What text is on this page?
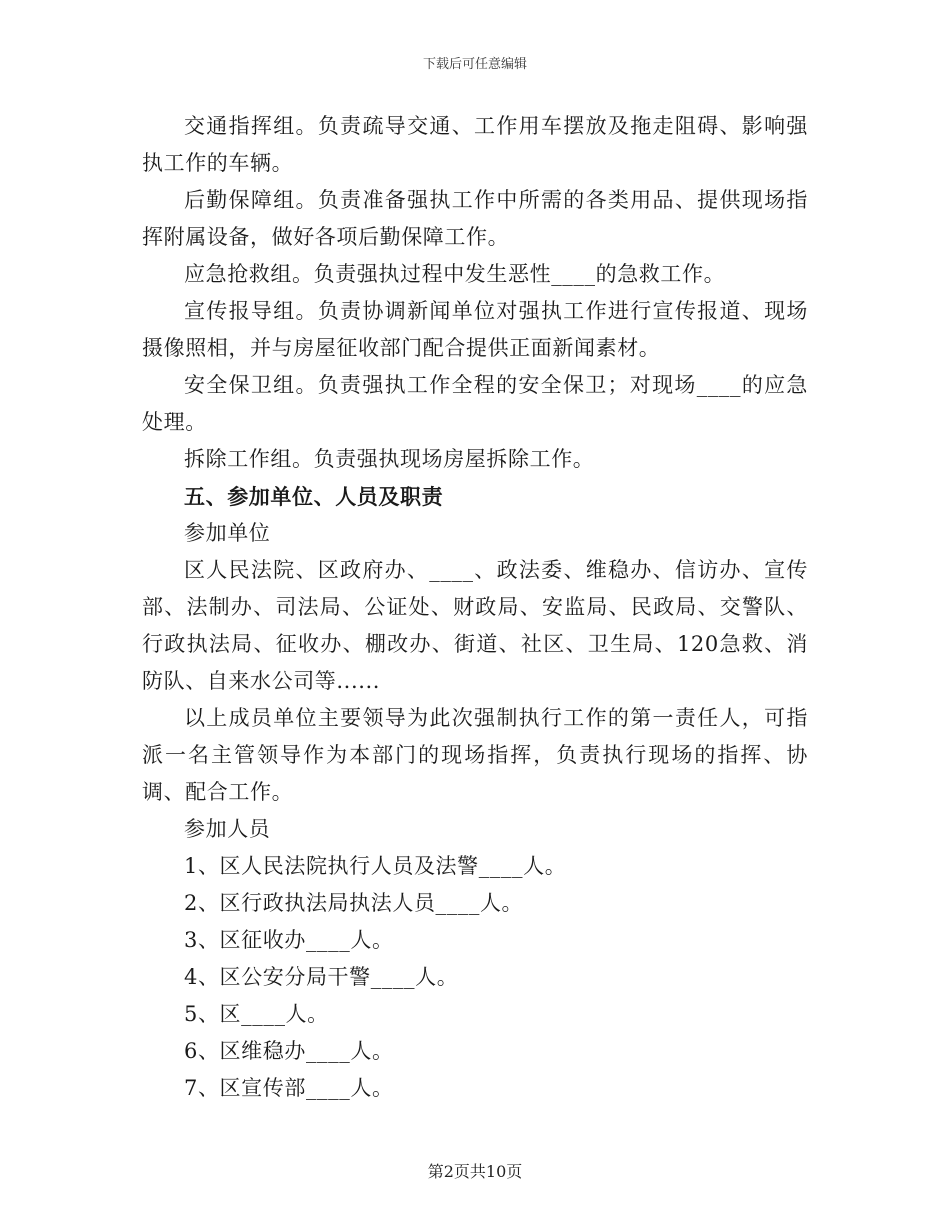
下载后可任意编辑

交通指挥组。负责疏导交通、工作用车摆放及拖走阻碍、影响强执工作的车辆。

后勤保障组。负责准备强执工作中所需的各类用品、提供现场指挥附属设备，做好各项后勤保障工作。

应急抢救组。负责强执过程中发生恶性____的急救工作。

宣传报导组。负责协调新闻单位对强执工作进行宣传报道、现场摄像照相，并与房屋征收部门配合提供正面新闻素材。

安全保卫组。负责强执工作全程的安全保卫；对现场____的应急处理。

拆除工作组。负责强执现场房屋拆除工作。

五、参加单位、人员及职责

参加单位

区人民法院、区政府办、____、政法委、维稳办、信访办、宣传部、法制办、司法局、公证处、财政局、安监局、民政局、交警队、行政执法局、征收办、棚改办、街道、社区、卫生局、120急救、消防队、自来水公司等......

以上成员单位主要领导为此次强制执行工作的第一责任人，可指派一名主管领导作为本部门的现场指挥，负责执行现场的指挥、协调、配合工作。

参加人员

1、区人民法院执行人员及法警____人。

2、区行政执法局执法人员____人。

3、区征收办____人。

4、区公安分局干警____人。

5、区____人。

6、区维稳办____人。

7、区宣传部____人。

第2页共10页
